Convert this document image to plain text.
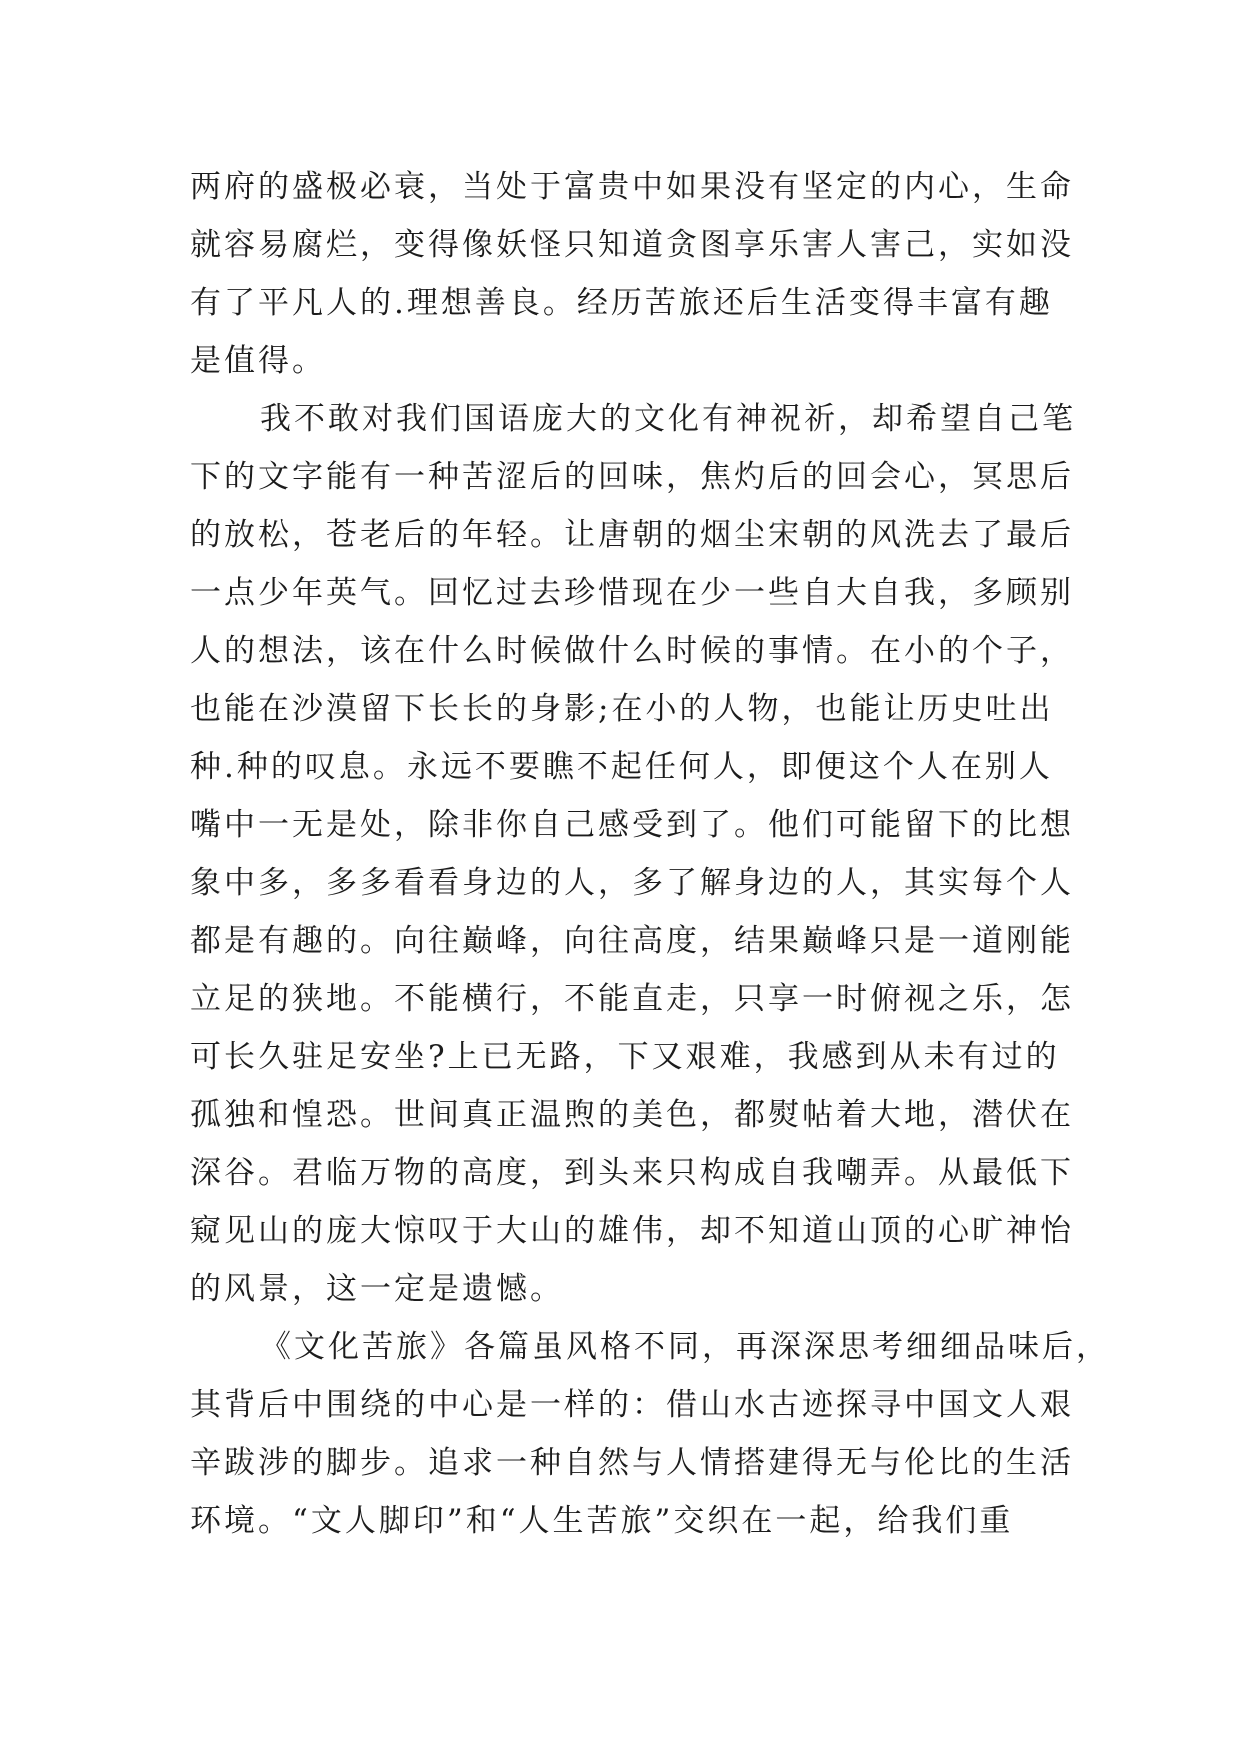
两府的盛极必衰，当处于富贵中如果没有坚定的内心，生命
就容易腐烂，变得像妖怪只知道贪图享乐害人害己，实如没
有了平凡人的.理想善良。经历苦旅还后生活变得丰富有趣
是值得。
我不敢对我们国语庞大的文化有神祝祈，却希望自己笔
下的文字能有一种苦涩后的回味，焦灼后的回会心，冥思后
的放松，苍老后的年轻。让唐朝的烟尘宋朝的风洗去了最后
一点少年英气。回忆过去珍惜现在少一些自大自我，多顾别
人的想法，该在什么时候做什么时候的事情。在小的个子，
也能在沙漠留下长长的身影;在小的人物，也能让历史吐出
种.种的叹息。永远不要瞧不起任何人，即便这个人在别人
嘴中一无是处，除非你自己感受到了。他们可能留下的比想
象中多，多多看看身边的人，多了解身边的人，其实每个人
都是有趣的。向往巅峰，向往高度，结果巅峰只是一道刚能
立足的狭地。不能横行，不能直走，只享一时俯视之乐，怎
可长久驻足安坐?上已无路，下又艰难，我感到从未有过的
孤独和惶恐。世间真正温煦的美色，都熨帖着大地，潜伏在
深谷。君临万物的高度，到头来只构成自我嘲弄。从最低下
窥见山的庞大惊叹于大山的雄伟，却不知道山顶的心旷神怡
的风景，这一定是遗憾。
《文化苦旅》各篇虽风格不同，再深深思考细细品味后，
其背后中围绕的中心是一样的：借山水古迹探寻中国文人艰
辛跋涉的脚步。追求一种自然与人情搭建得无与伦比的生活
环境。“文人脚印”和“人生苦旅”交织在一起，给我们重
